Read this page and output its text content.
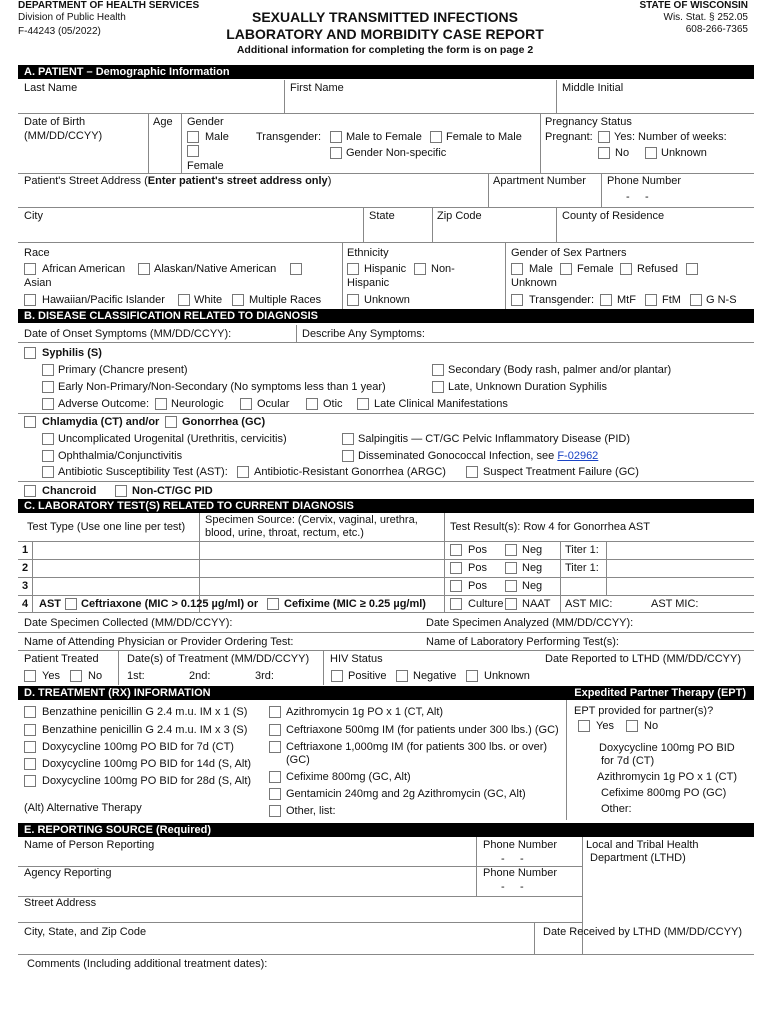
DEPARTMENT OF HEALTH SERVICES
Division of Public Health
F-44243 (05/2022)
SEXUALLY TRANSMITTED INFECTIONS
LABORATORY AND MORBIDITY CASE REPORT
Additional information for completing the form is on page 2
STATE OF WISCONSIN
Wis. Stat. § 252.05
608-266-7365
A. PATIENT – Demographic Information
Last Name	First Name	Middle Initial
Date of Birth
(MM/DD/CCYY)
Age Gender
Male
Female
Transgender: Male to Female Female to Male
Gender Non-specific
Pregnancy Status
Pregnant: Yes: Number of weeks:
No	Unknown
Patient's Street Address (Enter patient's street address only)	Apartment Number Phone Number
-     -
City	State	Zip Code	County of Residence
Race
African American	Alaskan/Native American
Asian
Hawaiian/Pacific Islander	White Multiple Races
Ethnicity
Hispanic Non-
Hispanic
Unknown
Gender of Sex Partners
Male Female Refused
Unknown
Transgender: MtF FtM G N-S
B. DISEASE CLASSIFICATION RELATED TO DIAGNOSIS
Date of Onset Symptoms (MM/DD/CCYY):	Describe Any Symptoms:
Syphilis (S)
Primary (Chancre present)	Secondary (Body rash, palmer and/or plantar)
Early Non-Primary/Non-Secondary (No symptoms less than 1 year)	Late, Unknown Duration Syphilis
Adverse Outcome: Neurologic	Ocular	Otic	Late Clinical Manifestations
Chlamydia (CT) and/or Gonorrhea (GC)
Uncomplicated Urogenital (Urethritis, cervicitis)	Salpingitis — CT/GC Pelvic Inflammatory Disease (PID)
Ophthalmia/Conjunctivitis	Disseminated Gonococcal Infection, see F-02962
Antibiotic Susceptibility Test (AST): Antibiotic-Resistant Gonorrhea (ARGC)	Suspect Treatment Failure (GC)
Chancroid	Non-CT/GC PID
C. LABORATORY TEST(S) RELATED TO CURRENT DIAGNOSIS
Test Type (Use one line per test)
Specimen Source: (Cervix, vaginal, urethra,
blood, urine, throat, rectum, etc.)	Test Result(s): Row 4 for Gonorrhea AST
1	Pos	Neg Titer 1:
2	Pos	Neg Titer 1:
3	Pos	Neg
4 AST Ceftriaxone (MIC > 0.125 µg/ml) or Cefixime (MIC ≥ 0.25 µg/ml)	Culture NAAT AST MIC:	AST MIC:
Date Specimen Collected (MM/DD/CCYY):	Date Specimen Analyzed (MM/DD/CCYY):
Name of Attending Physician or Provider Ordering Test:	Name of Laboratory Performing Test(s):
Patient Treated	Date(s) of Treatment (MM/DD/CCYY) HIV Status	Date Reported to LTHD (MM/DD/CCYY)
Yes	No 1st:	2nd:	3rd:	Positive Negative	Unknown
D. TREATMENT (RX) INFORMATION	Expedited Partner Therapy (EPT)
Benzathine penicillin G 2.4 m.u. IM x 1 (S)
Benzathine penicillin G 2.4 m.u. IM x 3 (S)
Doxycycline 100mg PO BID for 7d (CT)
Doxycycline 100mg PO BID for 14d (S, Alt)
Doxycycline 100mg PO BID for 28d (S, Alt)
(Alt) Alternative Therapy
Azithromycin 1g PO x 1 (CT, Alt)
Ceftriaxone 500mg IM (for patients under 300 lbs.) (GC)
Ceftriaxone 1,000mg IM (for patients 300 lbs. or over)
(GC)
Cefixime 800mg (GC, Alt)
Gentamicin 240mg and 2g Azithromycin (GC, Alt)
Other, list:
EPT provided for partner(s)?
Yes	No
Doxycycline 100mg PO BID
for 7d (CT)
Azithromycin 1g PO x 1 (CT)
Cefixime 800mg PO (GC)
Other:
E. REPORTING SOURCE (Required)
Name of Person Reporting	Phone Number
-     -
Local and Tribal Health
Department (LTHD)
Agency Reporting	Phone Number
-     -
Street Address
City, State, and Zip Code	Date Received by LTHD (MM/DD/CCYY)
Comments (Including additional treatment dates):
